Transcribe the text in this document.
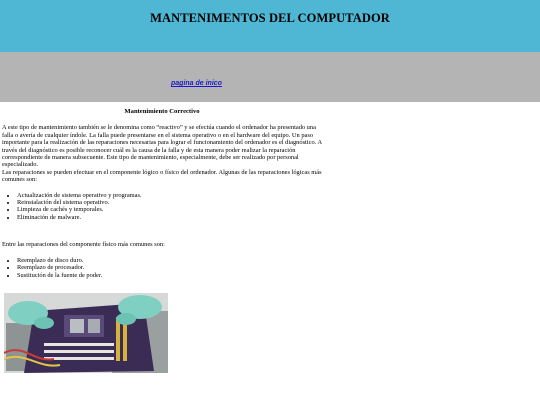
MANTENIMENTOS DEL COMPUTADOR
pagina de inico
Mantenimiento Correctivo

A este tipo de mantenimiento también se le denomina como “reactivo” y se efectúa cuando el ordenador ha presentado una falla o avería de cualquier índole. La falla puede presentarse en el sistema operativo o en el hardware del equipo. Un paso importante para la realización de las reparaciones necesarias para lograr el funcionamiento del ordenador es el diagnóstico. A través del diagnóstico es posible reconocer cuál es la causa de la falla y de esta manera poder realizar la reparación correspondiente de manera subsecuente. Este tipo de mantenimiento, especialmente, debe ser realizado por personal especializado.

Las reparaciones se pueden efectuar en el componente lógico o físico del ordenador. Algunas de las reparaciones lógicas más comunes son:

• Actualización de sistema operativo y programas.
• Reinstalación del sistema operativo.
• Limpieza de cachés y temporales.
• Eliminación de malware.

Entre las reparaciones del componente físico más comunes son:

• Reemplazo de disco duro.
• Reemplazo de procesador.
• Sustitución de la fuente de poder.
